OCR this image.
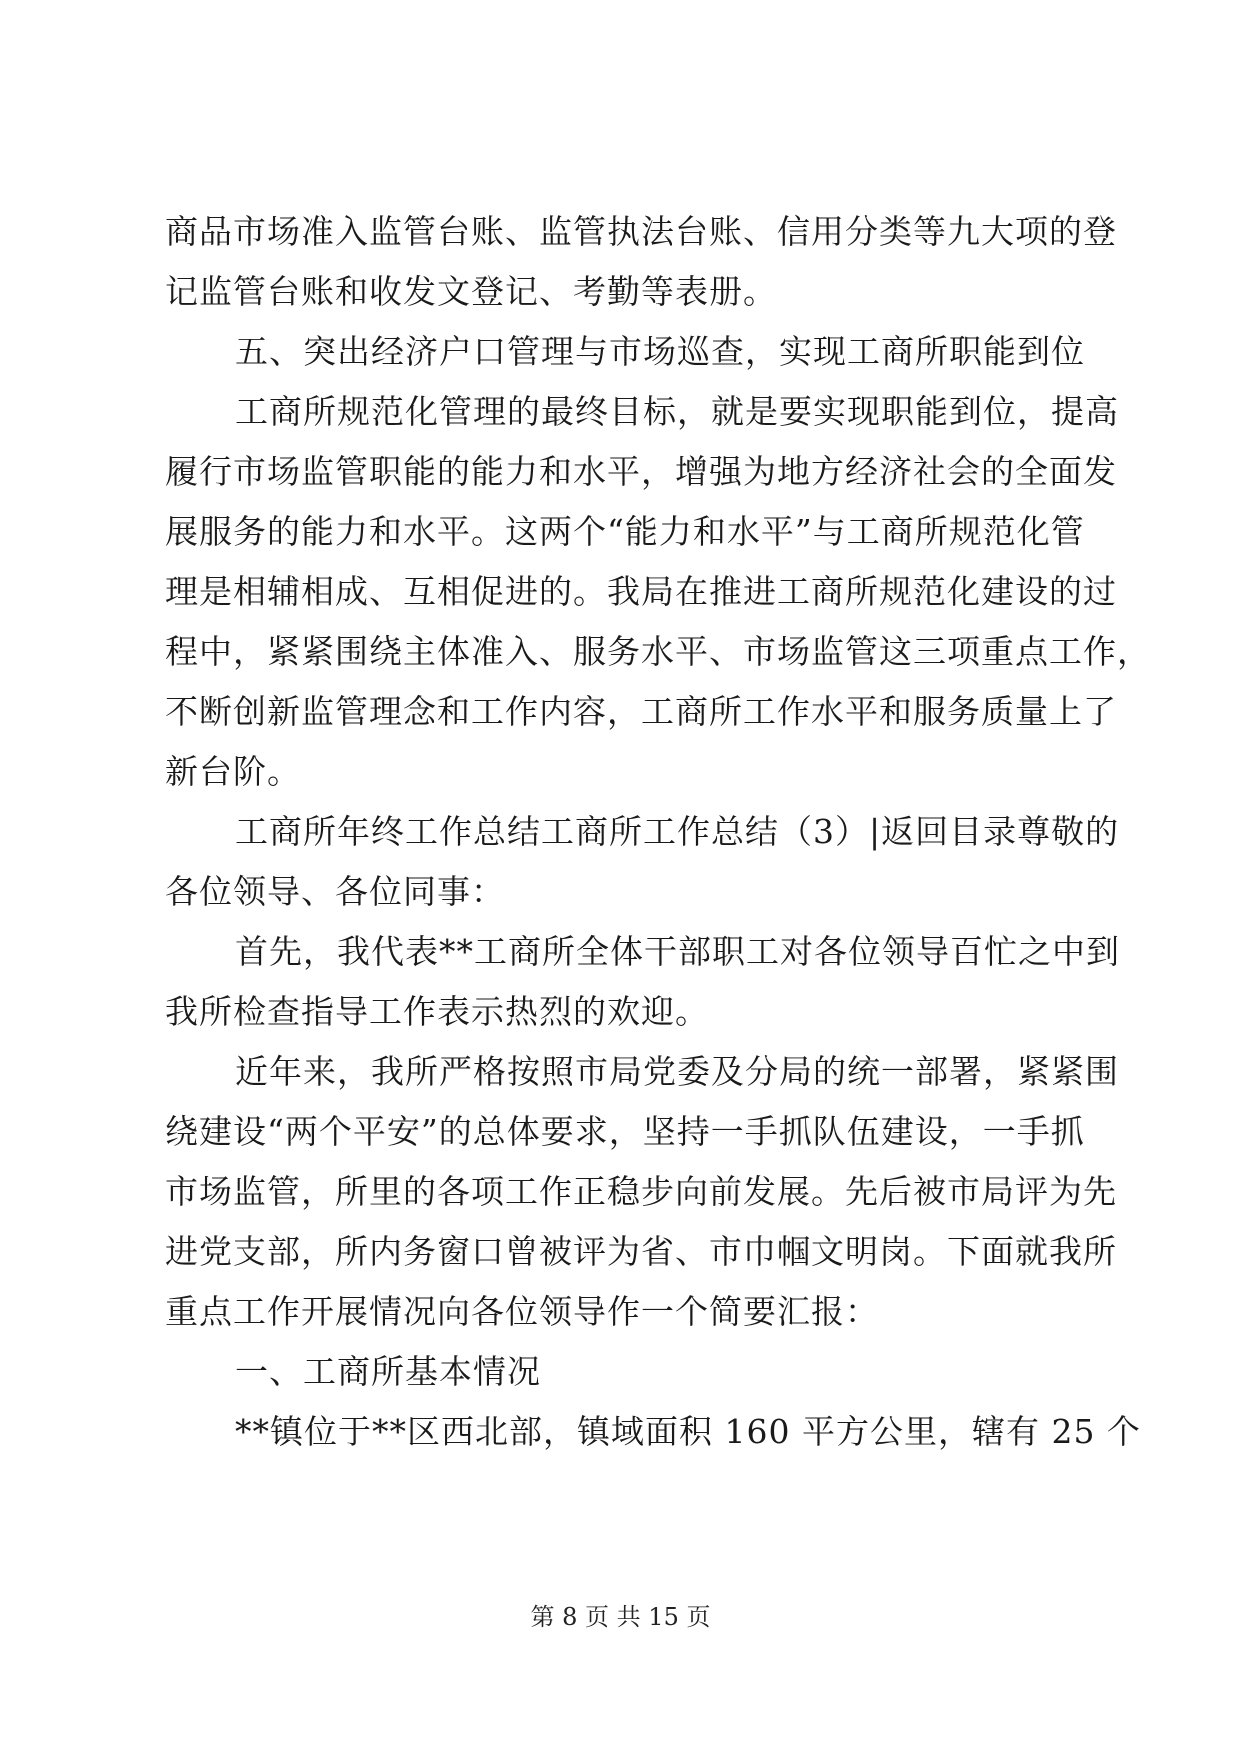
商品市场准入监管台账、监管执法台账、信用分类等九大项的登
记监管台账和收发文登记、考勤等表册。
五、突出经济户口管理与市场巡查，实现工商所职能到位
工商所规范化管理的最终目标，就是要实现职能到位，提高
履行市场监管职能的能力和水平，增强为地方经济社会的全面发
展服务的能力和水平。这两个“能力和水平”与工商所规范化管
理是相辅相成、互相促进的。我局在推进工商所规范化建设的过
程中，紧紧围绕主体准入、服务水平、市场监管这三项重点工作，
不断创新监管理念和工作内容，工商所工作水平和服务质量上了
新台阶。
工商所年终工作总结工商所工作总结（3）|返回目录尊敬的
各位领导、各位同事：
首先，我代表**工商所全体干部职工对各位领导百忙之中到
我所检查指导工作表示热烈的欢迎。
近年来，我所严格按照市局党委及分局的统一部署，紧紧围
绕建设“两个平安”的总体要求，坚持一手抓队伍建设，一手抓
市场监管，所里的各项工作正稳步向前发展。先后被市局评为先
进党支部，所内务窗口曾被评为省、市巾帼文明岗。下面就我所
重点工作开展情况向各位领导作一个简要汇报：
一、工商所基本情况
**镇位于**区西北部，镇域面积 160 平方公里，辖有 25 个
第 8 页 共 15 页
